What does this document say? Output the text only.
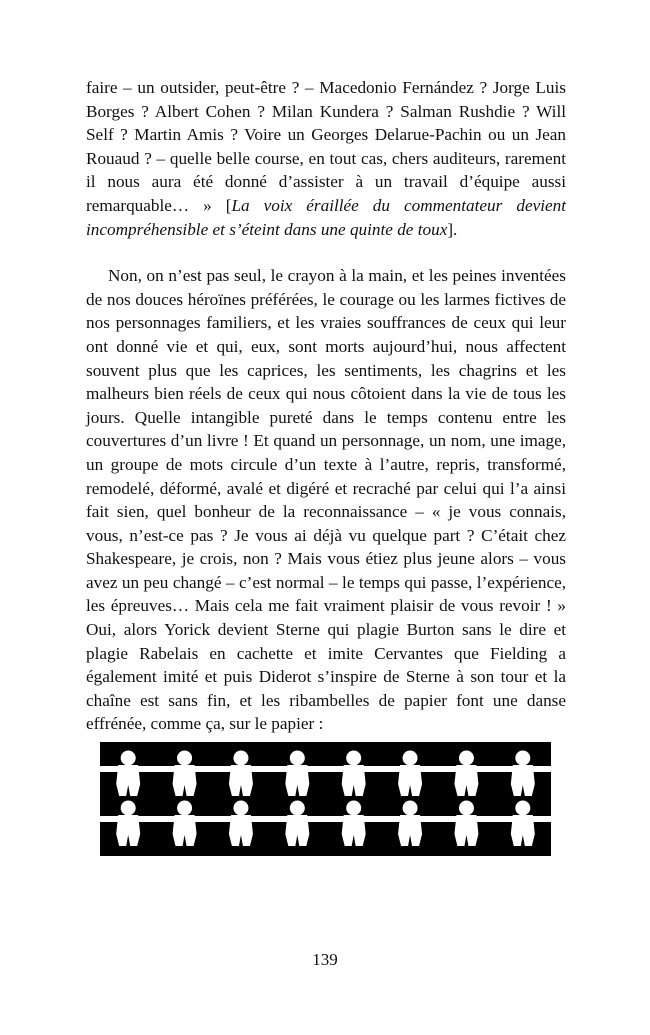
faire – un outsider, peut-être ? – Macedonio Fernández ? Jorge Luis Borges ? Albert Cohen ? Milan Kundera ? Salman Rushdie ? Will Self ? Martin Amis ? Voire un Georges Delarue-Pachin ou un Jean Rouaud ? – quelle belle course, en tout cas, chers auditeurs, rarement il nous aura été donné d’assister à un travail d’équipe aussi remarquable… » [La voix éraillée du commentateur devient incompréhensible et s’éteint dans une quinte de toux].

Non, on n’est pas seul, le crayon à la main, et les peines inventées de nos douces héroïnes préférées, le courage ou les larmes fictives de nos personnages familiers, et les vraies souffrances de ceux qui leur ont donné vie et qui, eux, sont morts aujourd’hui, nous affectent souvent plus que les caprices, les sentiments, les chagrins et les malheurs bien réels de ceux qui nous côtoient dans la vie de tous les jours. Quelle intangible pureté dans le temps contenu entre les couvertures d’un livre ! Et quand un personnage, un nom, une image, un groupe de mots circule d’un texte à l’autre, repris, transformé, remodelé, déformé, avalé et digéré et recraché par celui qui l’a ainsi fait sien, quel bonheur de la reconnaissance – « je vous connais, vous, n’est-ce pas ? Je vous ai déjà vu quelque part ? C’était chez Shakespeare, je crois, non ? Mais vous étiez plus jeune alors – vous avez un peu changé – c’est normal – le temps qui passe, l’expérience, les épreuves… Mais cela me fait vraiment plaisir de vous revoir ! » Oui, alors Yorick devient Sterne qui plagie Burton sans le dire et plagie Rabelais en cachette et imite Cervantes que Fielding a également imité et puis Diderot s’inspire de Sterne à son tour et la chaîne est sans fin, et les ribambelles de papier font une danse effrénée, comme ça, sur le papier :

139
